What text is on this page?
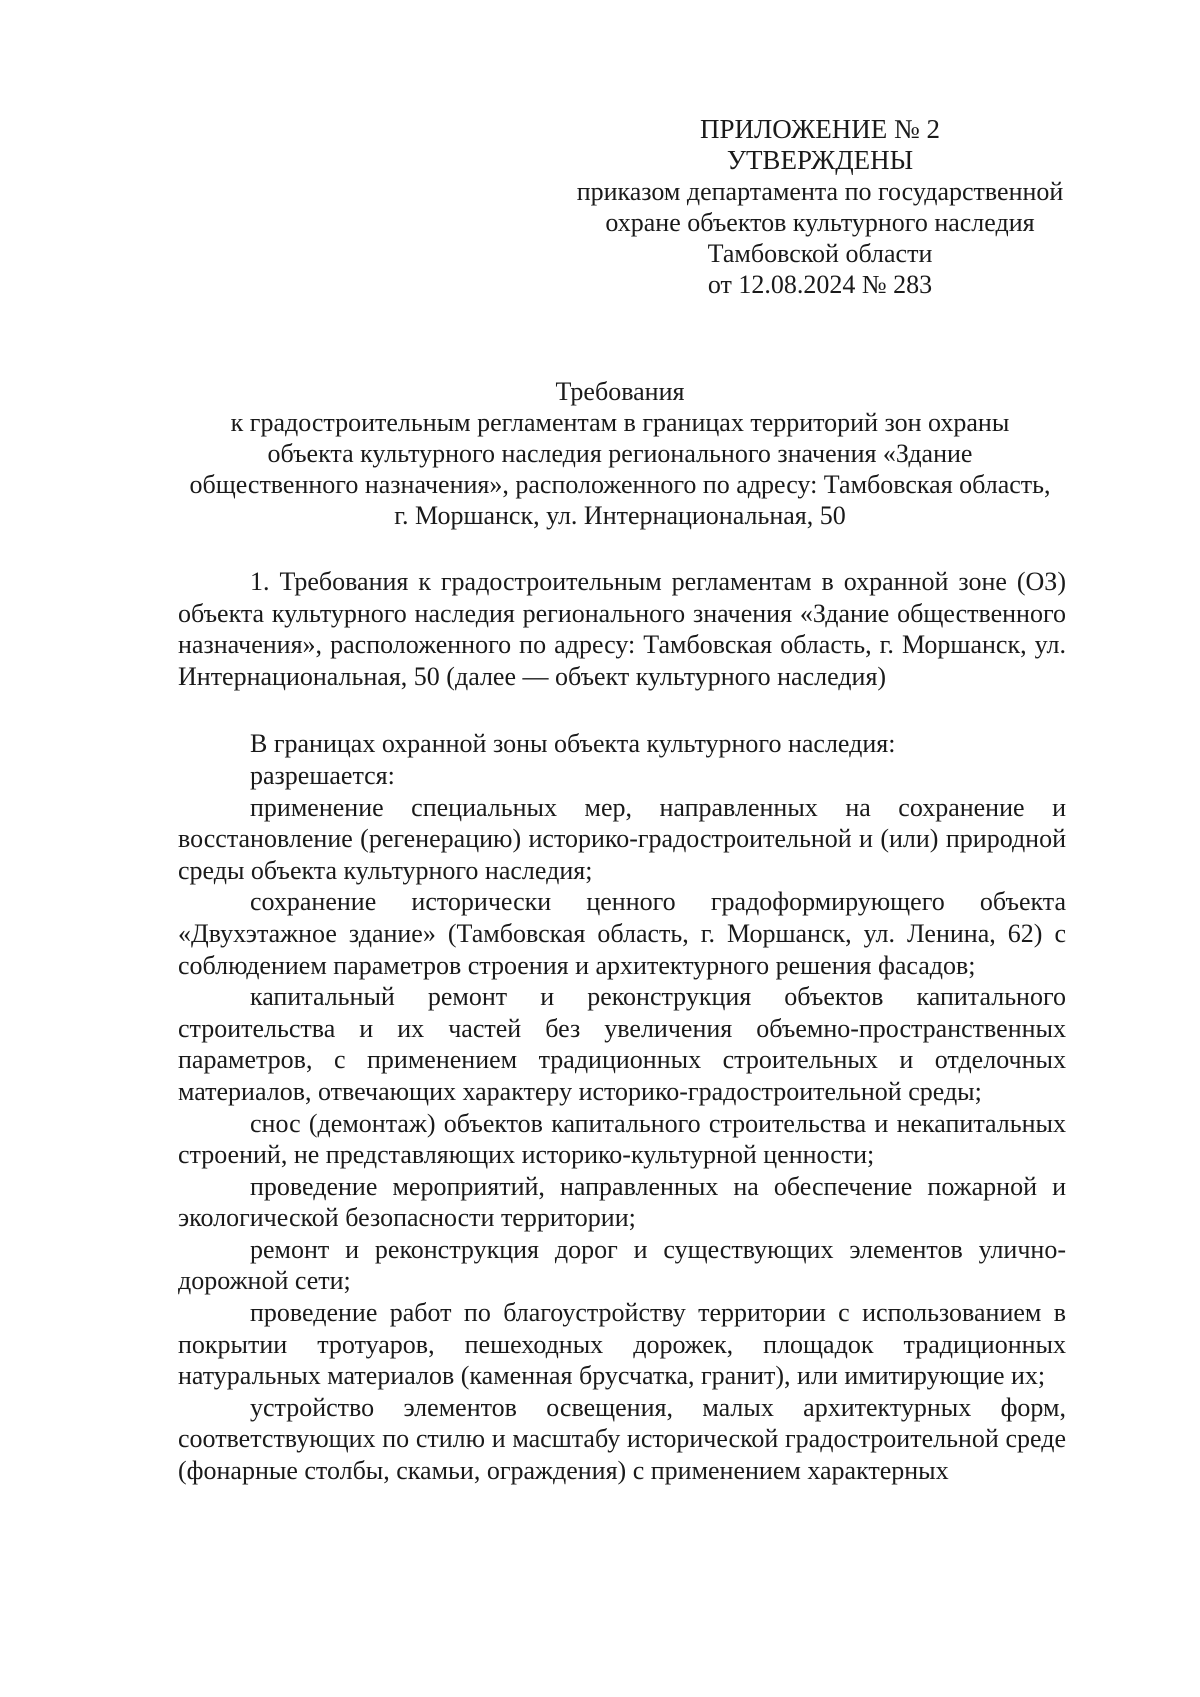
ПРИЛОЖЕНИЕ № 2
УТВЕРЖДЕНЫ
приказом департамента по государственной
охране объектов культурного наследия
Тамбовской области
от 12.08.2024 № 283
Требования
к градостроительным регламентам в границах территорий зон охраны
объекта культурного наследия регионального значения «Здание
общественного назначения», расположенного по адресу: Тамбовская область,
г. Моршанск, ул. Интернациональная, 50

1. Требования к градостроительным регламентам в охранной зоне (ОЗ) объекта культурного наследия регионального значения «Здание общественного назначения», расположенного по адресу: Тамбовская область, г. Моршанск, ул. Интернациональная, 50 (далее — объект культурного наследия)

В границах охранной зоны объекта культурного наследия:

разрешается:

применение специальных мер, направленных на сохранение и восстановление (регенерацию) историко-градостроительной и (или) природной среды объекта культурного наследия;

сохранение исторически ценного градоформирующего объекта «Двухэтажное здание» (Тамбовская область, г. Моршанск, ул. Ленина, 62) с соблюдением параметров строения и архитектурного решения фасадов;

капитальный ремонт и реконструкция объектов капитального строительства и их частей без увеличения объемно-пространственных параметров, с применением традиционных строительных и отделочных материалов, отвечающих характеру историко-градостроительной среды;

снос (демонтаж) объектов капитального строительства и некапитальных строений, не представляющих историко-культурной ценности;

проведение мероприятий, направленных на обеспечение пожарной и экологической безопасности территории;

ремонт и реконструкция дорог и существующих элементов улично-дорожной сети;

проведение работ по благоустройству территории с использованием в покрытии тротуаров, пешеходных дорожек, площадок традиционных натуральных материалов (каменная брусчатка, гранит), или имитирующие их;

устройство элементов освещения, малых архитектурных форм, соответствующих по стилю и масштабу исторической градостроительной среде (фонарные столбы, скамьи, ограждения) с применением характерных
